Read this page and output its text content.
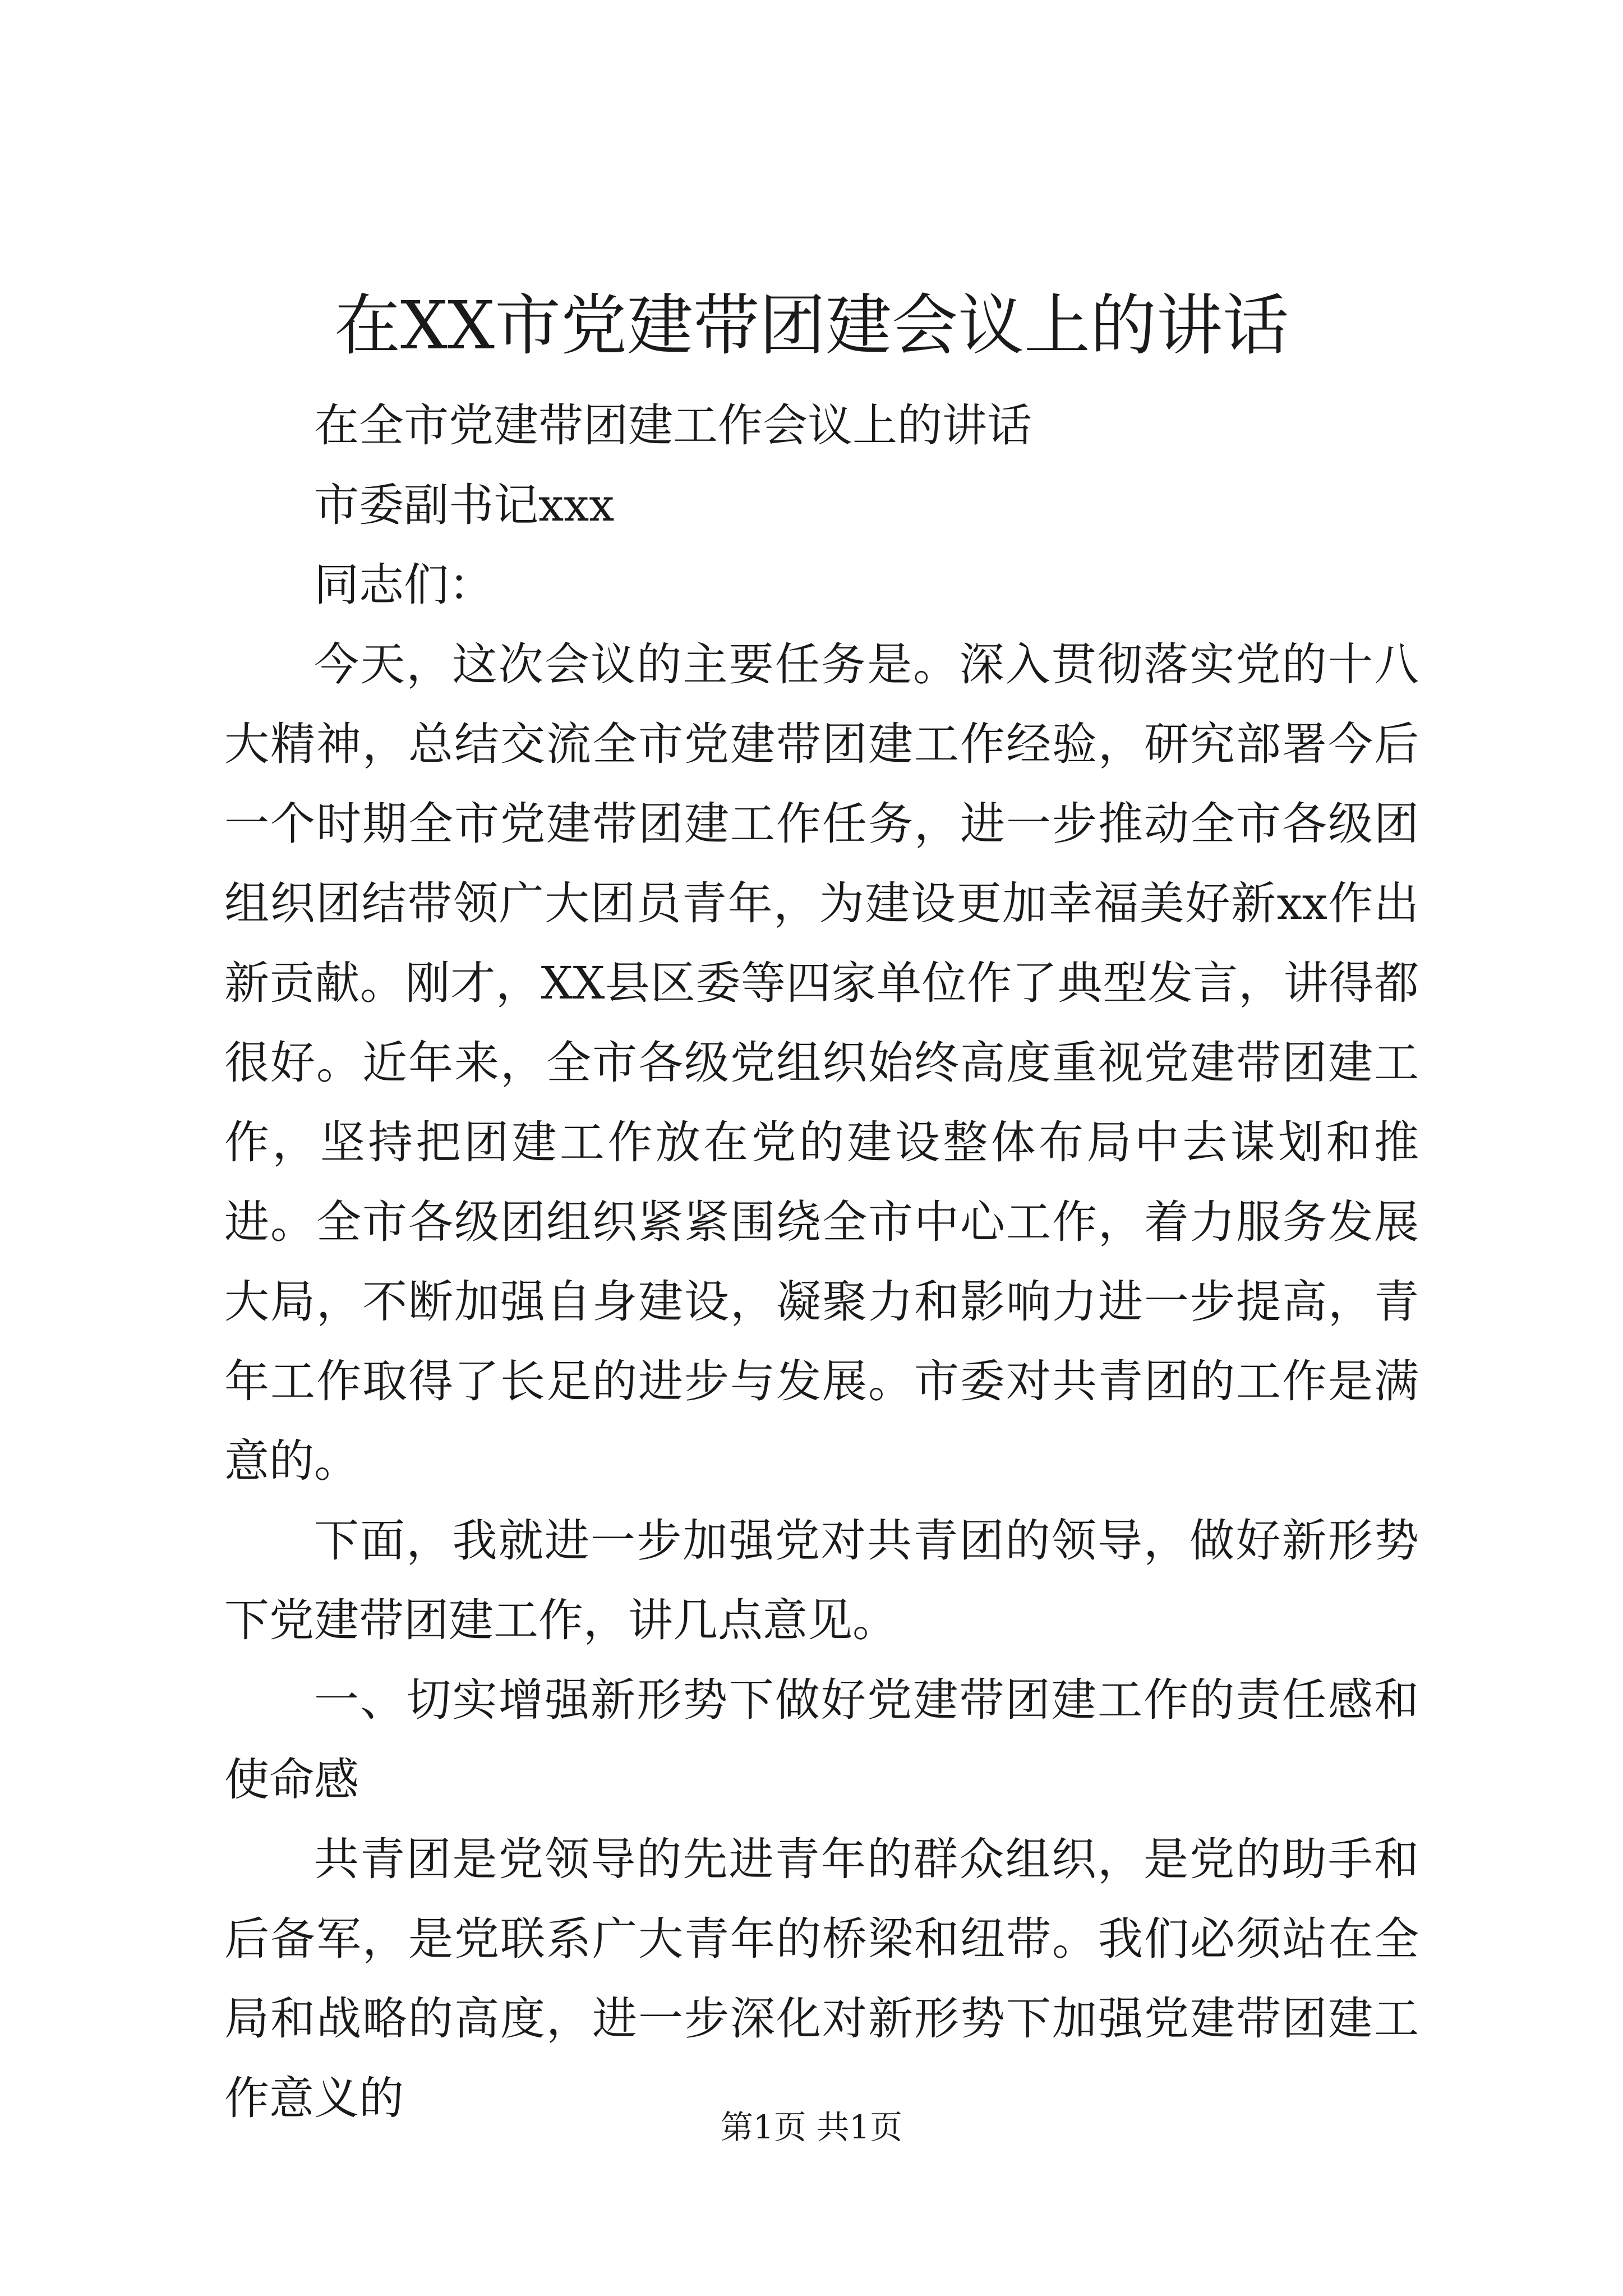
在XX市党建带团建会议上的讲话

在全市党建带团建工作会议上的讲话

市委副书记xxx

同志们：

今天，这次会议的主要任务是。深入贯彻落实党的十八大精神，总结交流全市党建带团建工作经验，研究部署今后一个时期全市党建带团建工作任务，进一步推动全市各级团组织团结带领广大团员青年，为建设更加幸福美好新xx作出新贡献。刚才，XX县区委等四家单位作了典型发言，讲得都很好。近年来，全市各级党组织始终高度重视党建带团建工作，坚持把团建工作放在党的建设整体布局中去谋划和推进。全市各级团组织紧紧围绕全市中心工作，着力服务发展大局，不断加强自身建设，凝聚力和影响力进一步提高，青年工作取得了长足的进步与发展。市委对共青团的工作是满意的。

下面，我就进一步加强党对共青团的领导，做好新形势下党建带团建工作，讲几点意见。

一、切实增强新形势下做好党建带团建工作的责任感和使命感

共青团是党领导的先进青年的群众组织，是党的助手和后备军，是党联系广大青年的桥梁和纽带。我们必须站在全局和战略的高度，进一步深化对新形势下加强党建带团建工作意义的

第1页 共1页
